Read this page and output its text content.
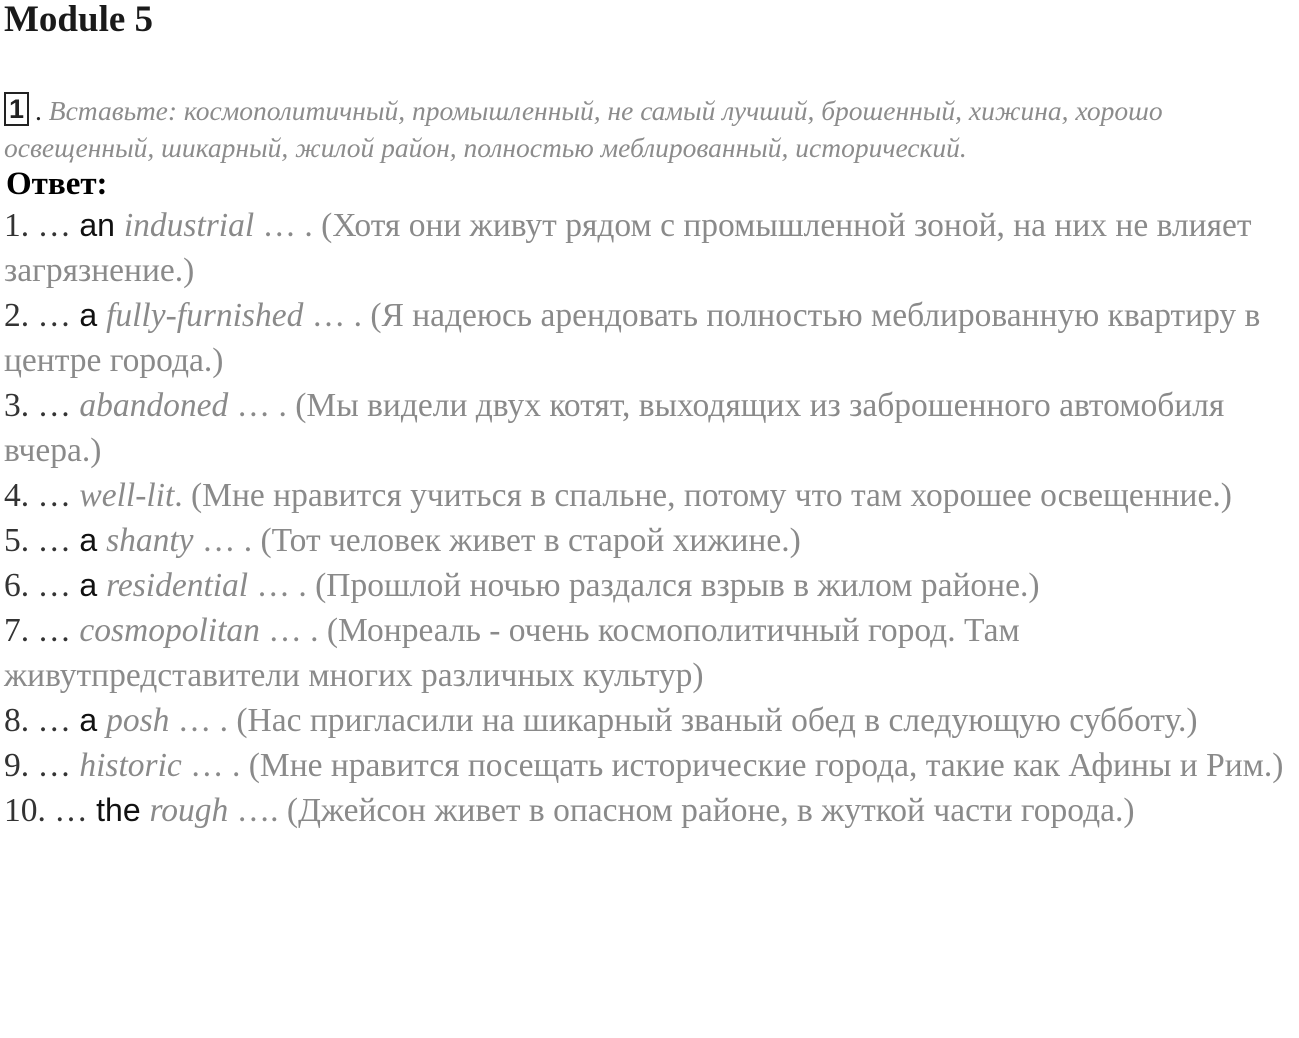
Module 5
1 . Вставьте: космополитичный, промышленный, не самый лучший, брошенный, хижина, хорошо освещенный, шикарный, жилой район, полностью меблированный, исторический.
Ответ:

1. … an industrial … . (Хотя они живут рядом с промышленной зоной, на них не влияет загрязнение.)

2. … a fully-furnished … . (Я надеюсь арендовать полностью меблированную квартиру в центре города.)

3. … abandoned … . (Мы видели двух котят, выходящих из заброшенного автомобиля вчера.)

4. … well-lit. (Мне нравится учиться в спальне, потому что там хорошее освещенние.)

5. … a shanty … . (Тот человек живет в старой хижине.)

6. … a residential … . (Прошлой ночью раздался взрыв в жилом районе.)

7. … cosmopolitan … . (Монреаль - очень космополитичный город. Там живутпредставители многих различных культур)

8. … a posh … . (Нас пригласили на шикарный званый обед в следующую субботу.)

9. … historic … . (Мне нравится посещать исторические города, такие как Афины и Рим.)

10. … the rough …. (Джейсон живет в опасном районе, в жуткой части города.)
